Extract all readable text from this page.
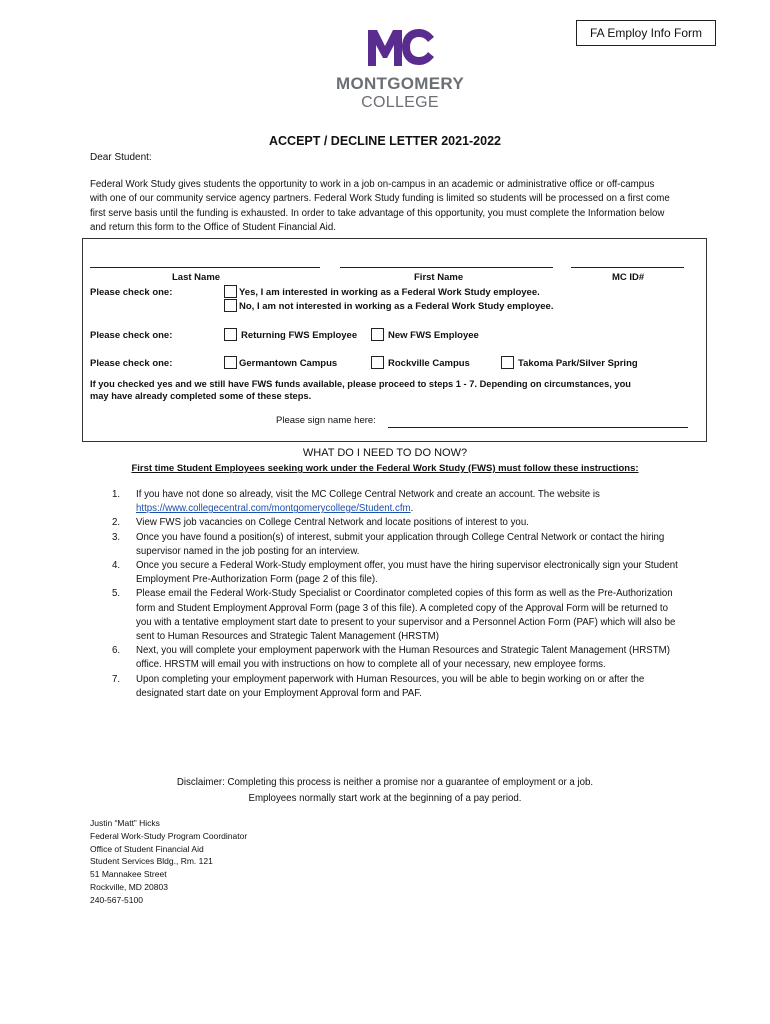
FA Employ Info Form
MONTGOMERY
COLLEGE
ACCEPT / DECLINE LETTER 2021-2022
Dear Student:
Federal Work Study gives students the opportunity to work in a job on-campus in an academic or administrative office or off-campus with one of our community service agency partners. Federal Work Study funding is limited so students will be processed on a first come first serve basis until the funding is exhausted. In order to take advantage of this opportunity, you must complete the Information below and return this form to the Office of Student Financial Aid.
Last Name	First Name	MC ID#
Please check one:	Yes, I am interested in working as a Federal Work Study employee.
No, I am not interested in working as a Federal Work Study employee.
Please check one:	Returning FWS Employee	New FWS Employee
Please check one:	Germantown Campus	Rockville Campus	Takoma Park/Silver Spring
If you checked yes and we still have FWS funds available, please proceed to steps 1 - 7. Depending on circumstances, you
may have already completed some of these steps.
Please sign name here:
WHAT DO I NEED TO DO NOW?
First time Student Employees seeking work under the Federal Work Study (FWS) must follow these instructions:
1. If you have not done so already, visit the MC College Central Network and create an account. The website is https://www.collegecentral.com/montgomerycollege/Student.cfm.
2. View FWS job vacancies on College Central Network and locate positions of interest to you.
3. Once you have found a position(s) of interest, submit your application through College Central Network or contact the hiring supervisor named in the job posting for an interview.
4. Once you secure a Federal Work-Study employment offer, you must have the hiring supervisor electronically sign your Student Employment Pre-Authorization Form (page 2 of this file).
5. Please email the Federal Work-Study Specialist or Coordinator completed copies of this form as well as the Pre-Authorization form and Student Employment Approval Form (page 3 of this file). A completed copy of the Approval Form will be returned to you with a tentative employment start date to present to your supervisor and a Personnel Action Form (PAF) which will also be sent to Human Resources and Strategic Talent Management (HRSTM)
6. Next, you will complete your employment paperwork with the Human Resources and Strategic Talent Management (HRSTM) office. HRSTM will email you with instructions on how to complete all of your necessary, new employee forms.
7. Upon completing your employment paperwork with Human Resources, you will be able to begin working on or after the designated start date on your Employment Approval form and PAF.
Disclaimer: Completing this process is neither a promise nor a guarantee of employment or a job.
Employees normally start work at the beginning of a pay period.
Justin “Matt” Hicks
Federal Work-Study Program Coordinator
Office of Student Financial Aid
Student Services Bldg., Rm. 121
51 Mannakee Street
Rockville, MD 20803
240-567-5100
